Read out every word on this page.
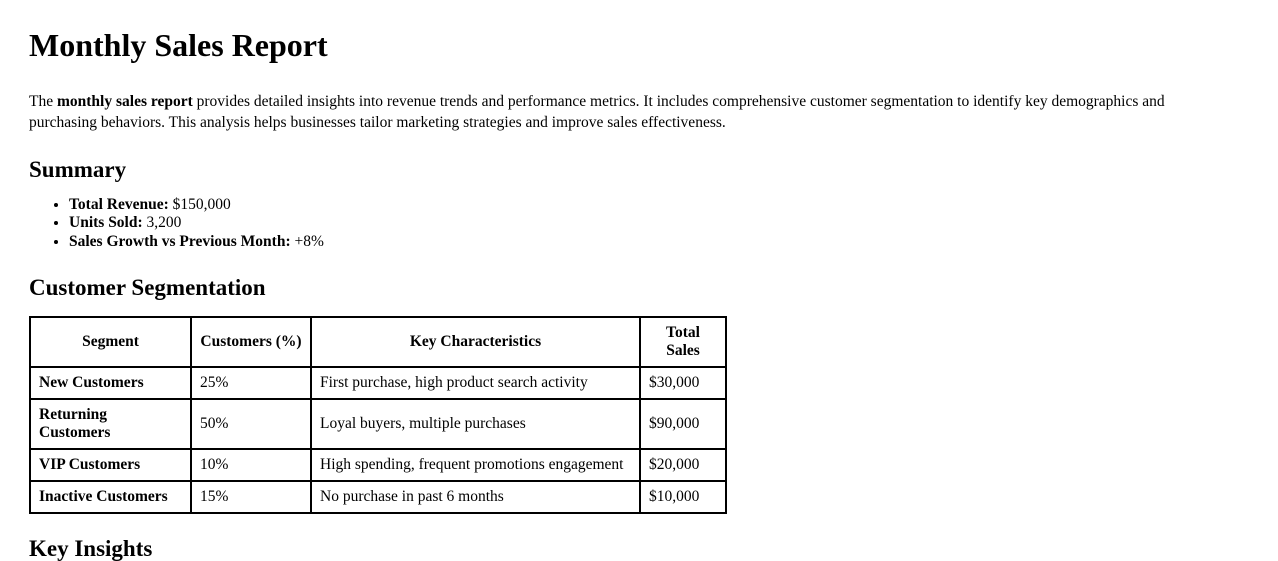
Monthly Sales Report

The monthly sales report provides detailed insights into revenue trends and performance metrics. It includes comprehensive customer segmentation to identify key demographics and purchasing behaviors. This analysis helps businesses tailor marketing strategies and improve sales effectiveness.

Summary
• Total Revenue: $150,000
• Units Sold: 3,200
• Sales Growth vs Previous Month: +8%
Customer Segmentation
Segment	Customers (%)	Key Characteristics	Total Sales
New Customers	25%	First purchase, high product search activity	$30,000
Returning Customers	50%	Loyal buyers, multiple purchases	$90,000
VIP Customers	10%	High spending, frequent promotions engagement	$20,000
Inactive Customers	15%	No purchase in past 6 months	$10,000
Key Insights
